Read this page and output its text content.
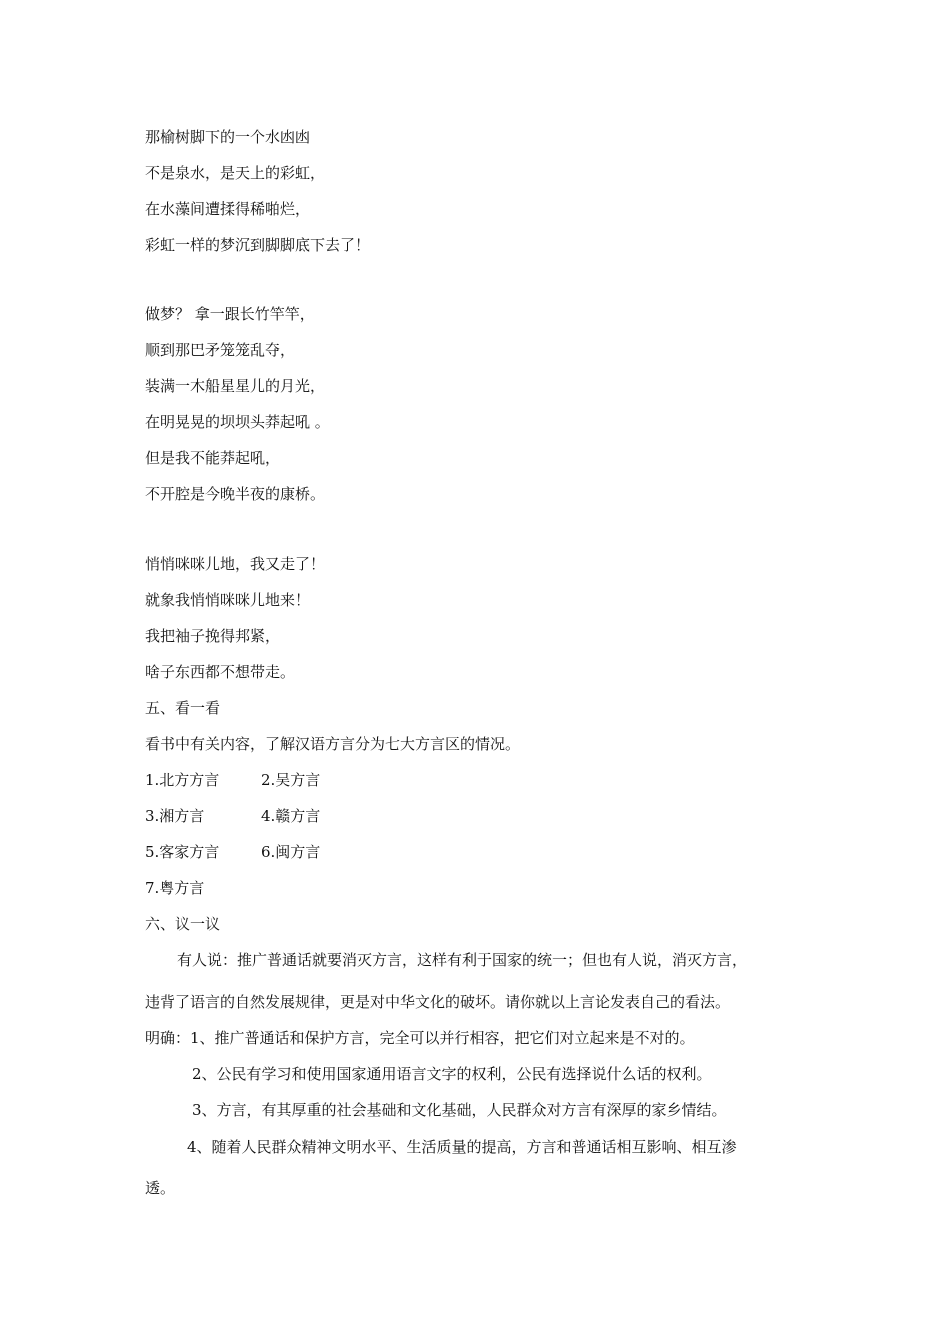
那榆树脚下的一个水凼凼
不是泉水，是天上的彩虹，
在水藻间遭揉得稀啪烂，
彩虹一样的梦沉到脚脚底下去了！
做梦？ 拿一跟长竹竿竿，
顺到那巴矛笼笼乱夺，
装满一木船星星儿的月光，
在明晃晃的坝坝头莽起吼 。
但是我不能莽起吼，
不开腔是今晚半夜的康桥。
悄悄咪咪儿地，我又走了！
就象我悄悄咪咪儿地来！
我把袖子挽得邦紧，
啥子东西都不想带走。
五、看一看
看书中有关内容，了解汉语方言分为七大方言区的情况。
1.北方方言	2.吴方言
3.湘方言	4.赣方言
5.客家方言	6.闽方言
7.粤方言
六、议一议
有人说：推广普通话就要消灭方言，这样有利于国家的统一；但也有人说，消灭方言，
违背了语言的自然发展规律，更是对中华文化的破坏。请你就以上言论发表自己的看法。
明确：1、推广普通话和保护方言，完全可以并行相容，把它们对立起来是不对的。
2、公民有学习和使用国家通用语言文字的权利，公民有选择说什么话的权利。
3、方言，有其厚重的社会基础和文化基础，人民群众对方言有深厚的家乡情结。
4、随着人民群众精神文明水平、生活质量的提高，方言和普通话相互影响、相互渗
透。
